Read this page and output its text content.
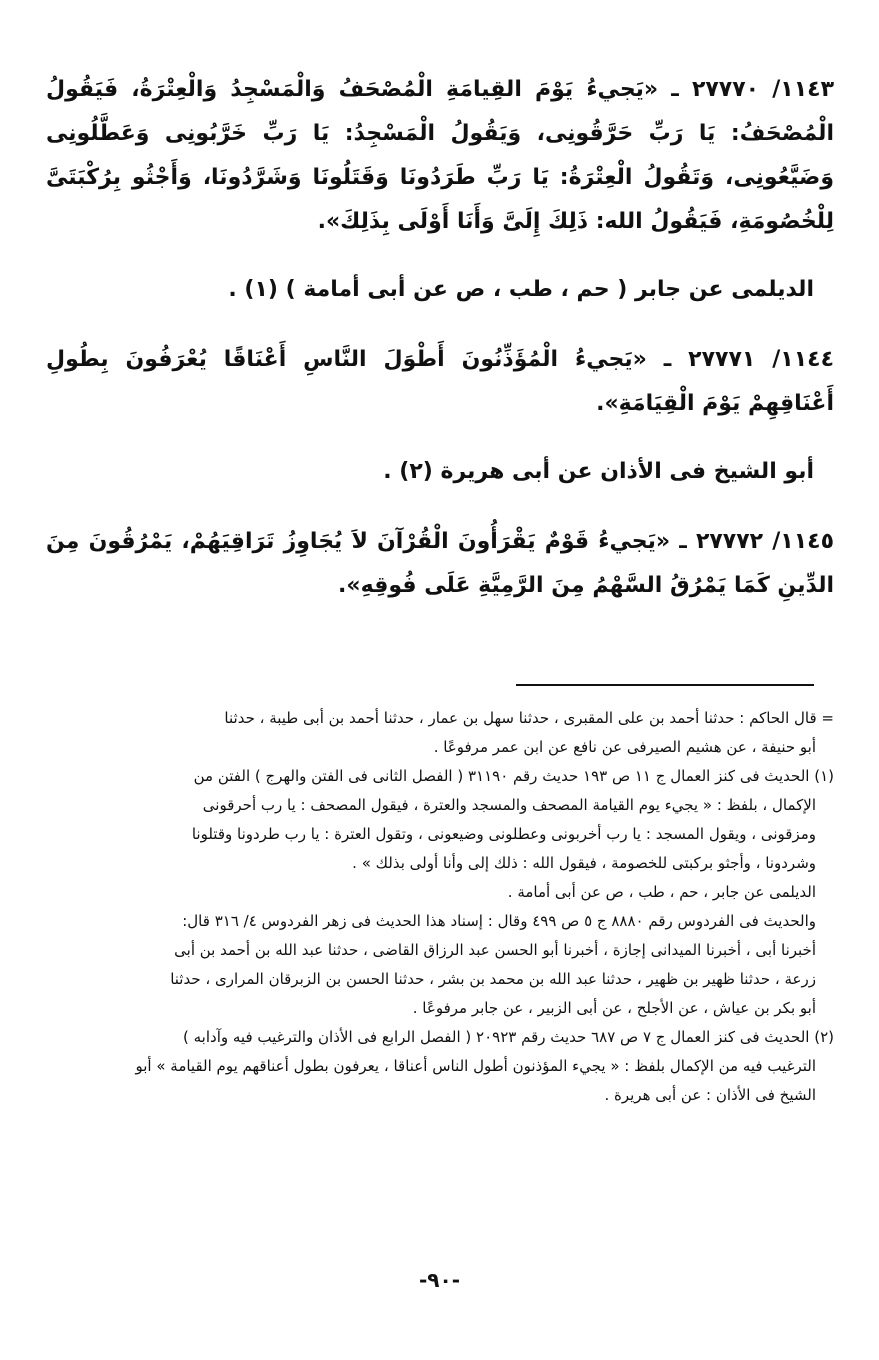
١١٤٣/ ٢٧٧٧٠ ـ «يَجيءُ يَوْمَ القِيامَةِ الْمُصْحَفُ وَالْمَسْجِدُ وَالْعِتْرَةُ، فَيَقُولُ الْمُصْحَفُ: يَا رَبِّ حَرَّقُونِى، وَيَقُولُ الْمَسْجِدُ: يَا رَبِّ خَرَّبُونِى وَعَطَّلُونِى وَضَيَّعُونِى، وَتَقُولُ الْعِتْرَةُ: يَا رَبِّ طَرَدُونَا وَقَتَلُونَا وَشَرَّدُونَا، وَأَجْثُو بِرُكْبَتَىَّ لِلْخُصُومَةِ، فَيَقُولُ الله: ذَلِكَ إِلَىَّ وَأَنَا أَوْلَى بِذَلِكَ».

الديلمى عن جابر ( حم ، طب ، ص عن أبى أمامة ) (١) .

١١٤٤/ ٢٧٧٧١ ـ «يَجيءُ الْمُؤَذِّنُونَ أَطْوَلَ النَّاسِ أَعْنَاقًا يُعْرَفُونَ بِطُولِ أَعْنَاقِهِمْ يَوْمَ الْقِيَامَةِ».

أبو الشيخ فى الأذان عن أبى هريرة (٢) .

١١٤٥/ ٢٧٧٧٢ ـ «يَجيءُ قَوْمٌ يَقْرَأُونَ الْقُرْآنَ لاَ يُجَاوِزُ تَرَاقِيَهُمْ، يَمْرُقُونَ مِنَ الدِّينِ كَمَا يَمْرُقُ السَّهْمُ مِنَ الرَّمِيَّةِ عَلَى فُوقِهِ».

= قال الحاكم : حدثنا أحمد بن على المقبرى ، حدثنا سهل بن عمار ، حدثنا أحمد بن أبى طيبة ، حدثنا

أبو حنيفة ، عن هشيم الصيرفى عن نافع عن ابن عمر مرفوعًا .

(١) الحديث فى كنز العمال ج ١١ ص ١٩٣ حديث رقم ٣١١٩٠ ( الفصل الثانى فى الفتن والهرج ) الفتن من

الإكمال ، بلفظ : « يجيء يوم القيامة المصحف والمسجد والعترة ، فيقول المصحف : يا رب أحرقونى

ومزقونى ، ويقول المسجد : يا رب أخربونى وعطلونى وضيعونى ، وتقول العترة : يا رب طردونا وقتلونا

وشردونا ، وأجثو بركبتى للخصومة ، فيقول الله : ذلك إلى وأنا أولى بذلك » .

الديلمى عن جابر ، حم ، طب ، ص عن أبى أمامة .

والحديث فى الفردوس رقم ٨٨٨٠ ج ٥ ص ٤٩٩ وقال : إسناد هذا الحديث فى زهر الفردوس ٤/ ٣١٦ قال:

أخبرنا أبى ، أخبرنا الميدانى إجازة ، أخبرنا أبو الحسن عبد الرزاق القاضى ، حدثنا عبد الله بن أحمد بن أبى

زرعة ، حدثنا ظهير بن ظهير ، حدثنا عبد الله بن محمد بن بشر ، حدثنا الحسن بن الزبرقان المرارى ، حدثنا

أبو بكر بن عياش ، عن الأجلح ، عن أبى الزبير ، عن جابر مرفوعًا .

(٢) الحديث فى كنز العمال ج ٧ ص ٦٨٧ حديث رقم ٢٠٩٢٣ ( الفصل الرابع فى الأذان والترغيب فيه وآدابه )

الترغيب فيه من الإكمال بلفظ : « يجيء المؤذنون أطول الناس أعناقا ، يعرفون بطول أعناقهم يوم القيامة » أبو

الشيخ فى الأذان : عن أبى هريرة .

-٩٠-
